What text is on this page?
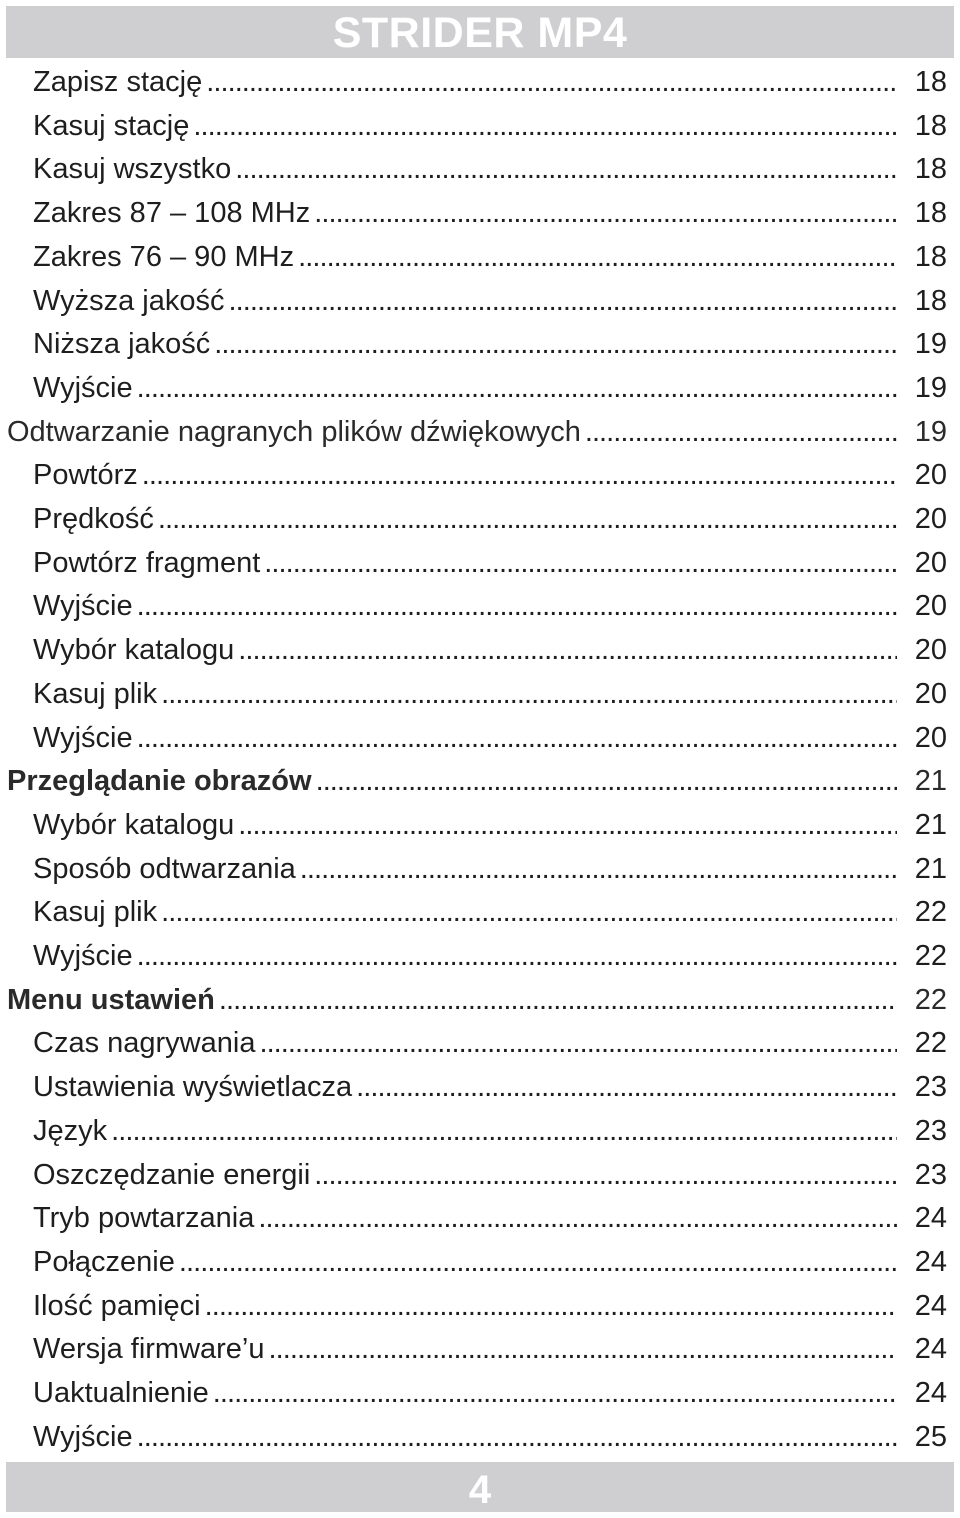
STRIDER MP4
Zapisz stację . . .	18
Kasuj stację . . .	18
Kasuj wszystko . . .	18
Zakres 87 – 108 MHz . . .	18
Zakres 76 – 90 MHz . . .	18
Wyższa jakość . . .	18
Niższa jakość . . .	19
Wyjście . . .	19
Odtwarzanie nagranych plików dźwiękowych . . .	19
Powtórz . . .	20
Prędkość . . .	20
Powtórz fragment . . .	20
Wyjście . . .	20
Wybór katalogu . . .	20
Kasuj plik . . .	20
Wyjście . . .	20
Przeglądanie obrazów . . .	21
Wybór katalogu . . .	21
Sposób odtwarzania . . .	21
Kasuj plik . . .	22
Wyjście . . .	22
Menu ustawień . . .	22
Czas nagrywania . . .	22
Ustawienia wyświetlacza . . .	23
Język . . .	23
Oszczędzanie energii . . .	23
Tryb powtarzania . . .	24
Połączenie . . .	24
Ilość pamięci . . .	24
Wersja firmware’u . . .	24
Uaktualnienie . . .	24
Wyjście . . .	25
4
